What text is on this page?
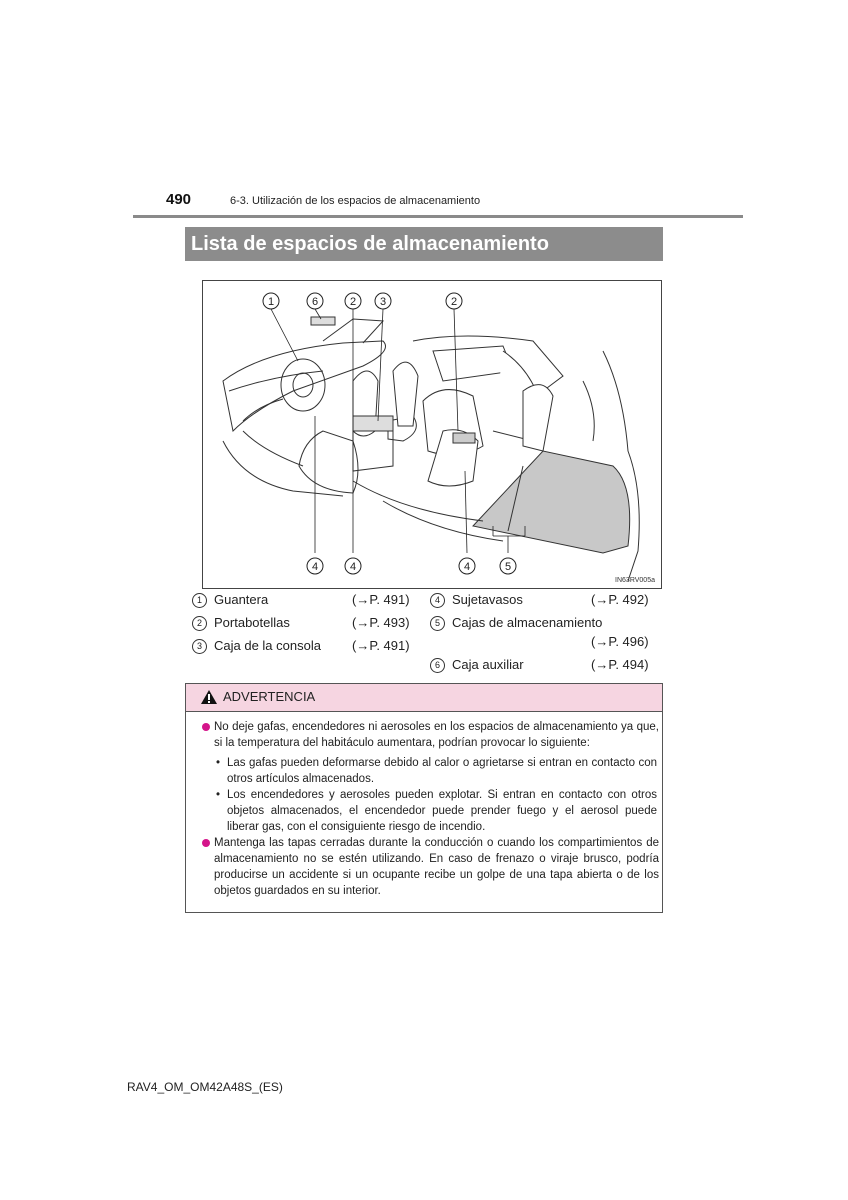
490	6-3. Utilización de los espacios de almacenamiento
Lista de espacios de almacenamiento
1	6	2 3	2
4	4	4	5
IN63RV005a
1 Guantera	(→P. 491)
2 Portabotellas	(→P. 493)
3 Caja de la consola (→P. 491)
4 Sujetavasos	(→P. 492)
5 Cajas de almacenamiento
(→P. 496)
6 Caja auxiliar	(→P. 494)
ADVERTENCIA
No deje gafas, encendedores ni aerosoles en los espacios de almacenamiento ya que, si la temperatura del habitáculo aumentara, podrían provocar lo siguiente:
• Las gafas pueden deformarse debido al calor o agrietarse si entran en contacto con otros artículos almacenados.
• Los encendedores y aerosoles pueden explotar. Si entran en contacto con otros objetos almacenados, el encendedor puede prender fuego y el aerosol puede liberar gas, con el consiguiente riesgo de incendio.
Mantenga las tapas cerradas durante la conducción o cuando los compartimientos de almacenamiento no se estén utilizando. En caso de frenazo o viraje brusco, podría producirse un accidente si un ocupante recibe un golpe de una tapa abierta o de los objetos guardados en su interior.
RAV4_OM_OM42A48S_(ES)
